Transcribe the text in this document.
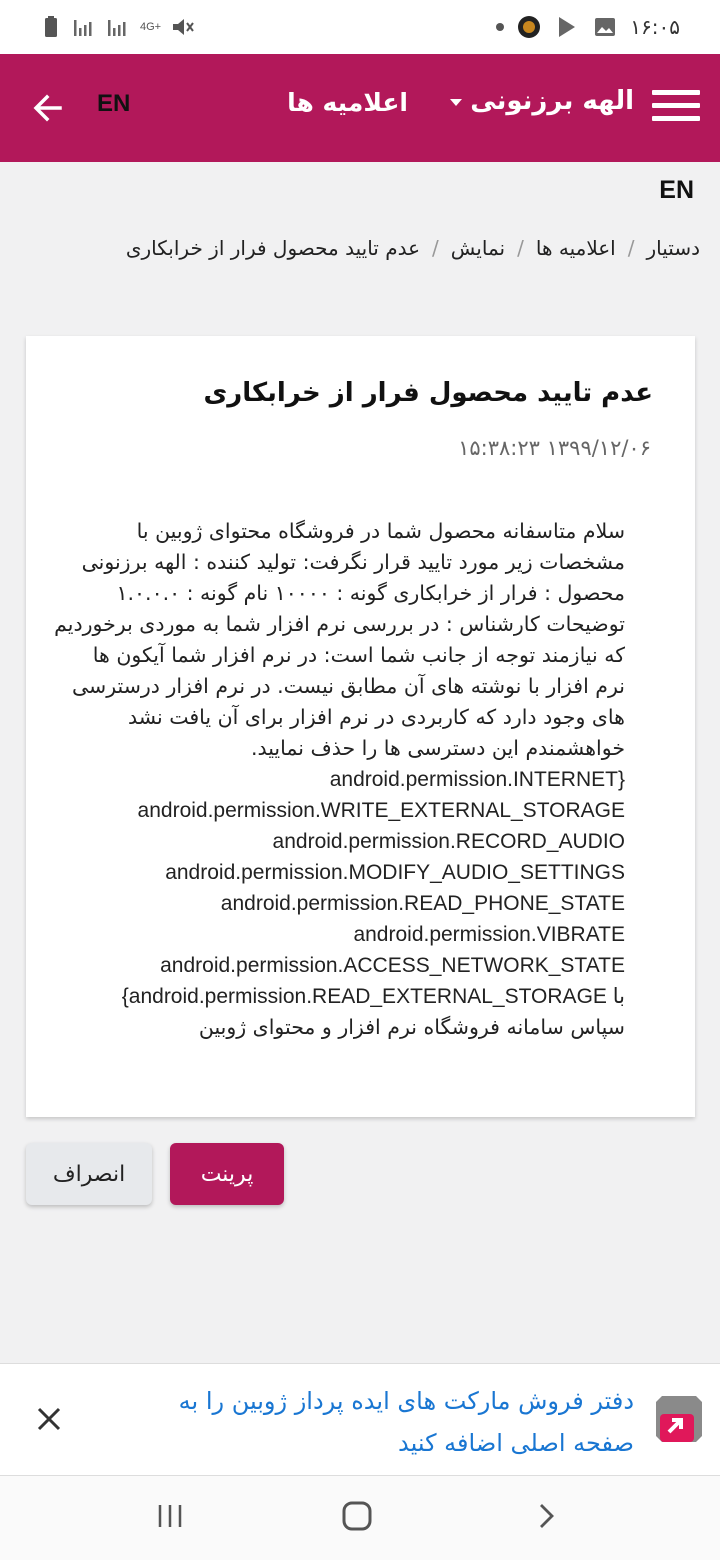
4G+	۱۶:۰۵
الهه برزنونی
اعلامیه ها
EN
EN
دستیار
/
اعلامیه ها
/
نمایش
/
عدم تایید محصول فرار از خرابکاری
عدم تایید محصول فرار از خرابکاری
۱۳۹۹/۱۲/۰۶ ۱۵:۳۸:۲۳
سلام متاسفانه محصول شما در فروشگاه محتوای ژوبین با
مشخصات زیر مورد تایید قرار نگرفت: تولید کننده : الهه برزنونی
محصول : فرار از خرابکاری گونه : ۱۰۰۰۰ نام گونه : ۱.۰.۰.۰
توضیحات کارشناس : در بررسی نرم افزار شما به موردی برخوردیم
که نیازمند توجه از جانب شما است: در نرم افزار شما آیکون ها
نرم افزار با نوشته های آن مطابق نیست. در نرم افزار درسترسی
های وجود دارد که کاربردی در نرم افزار برای آن یافت نشد
خواهشمندم این دسترسی ها را حذف نمایید.
android.permission.INTERNET}
android.permission.WRITE_EXTERNAL_STORAGE
android.permission.RECORD_AUDIO
android.permission.MODIFY_AUDIO_SETTINGS
android.permission.READ_PHONE_STATE
android.permission.VIBRATE
android.permission.ACCESS_NETWORK_STATE
{android.permission.READ_EXTERNAL_STORAGE با
سپاس سامانه فروشگاه نرم افزار و محتوای ژوبین
پرینت
انصراف
دفتر فروش مارکت های ایده پرداز ژوبین را به صفحه اصلی اضافه کنید
